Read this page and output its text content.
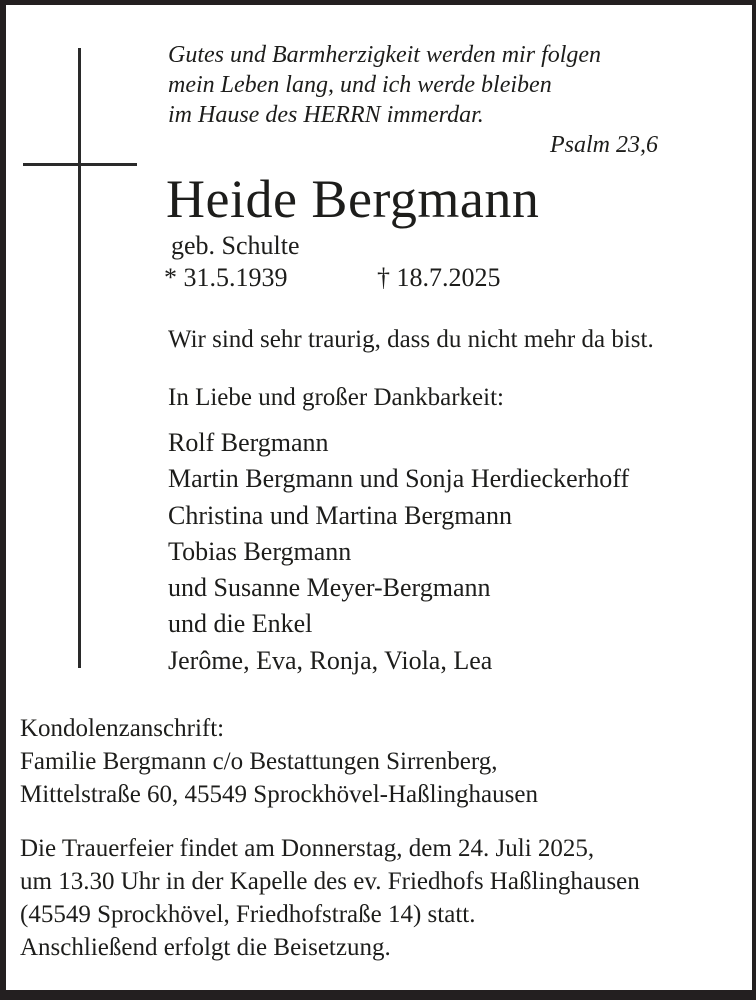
Gutes und Barmherzigkeit werden mir folgen
mein Leben lang, und ich werde bleiben
im Hause des HERRN immerdar.
Psalm 23,6
Heide Bergmann
geb. Schulte
* 31.5.1939	† 18.7.2025
Wir sind sehr traurig, dass du nicht mehr da bist.
In Liebe und großer Dankbarkeit:
Rolf Bergmann
Martin Bergmann und Sonja Herdieckerhoff
Christina und Martina Bergmann
Tobias Bergmann
und Susanne Meyer-Bergmann
und die Enkel
Jerôme, Eva, Ronja, Viola, Lea
Kondolenzanschrift:
Familie Bergmann c/o Bestattungen Sirrenberg,
Mittelstraße 60, 45549 Sprockhövel-Haßlinghausen
Die Trauerfeier findet am Donnerstag, dem 24. Juli 2025,
um 13.30 Uhr in der Kapelle des ev. Friedhofs Haßlinghausen
(45549 Sprockhövel, Friedhofstraße 14) statt.
Anschließend erfolgt die Beisetzung.
